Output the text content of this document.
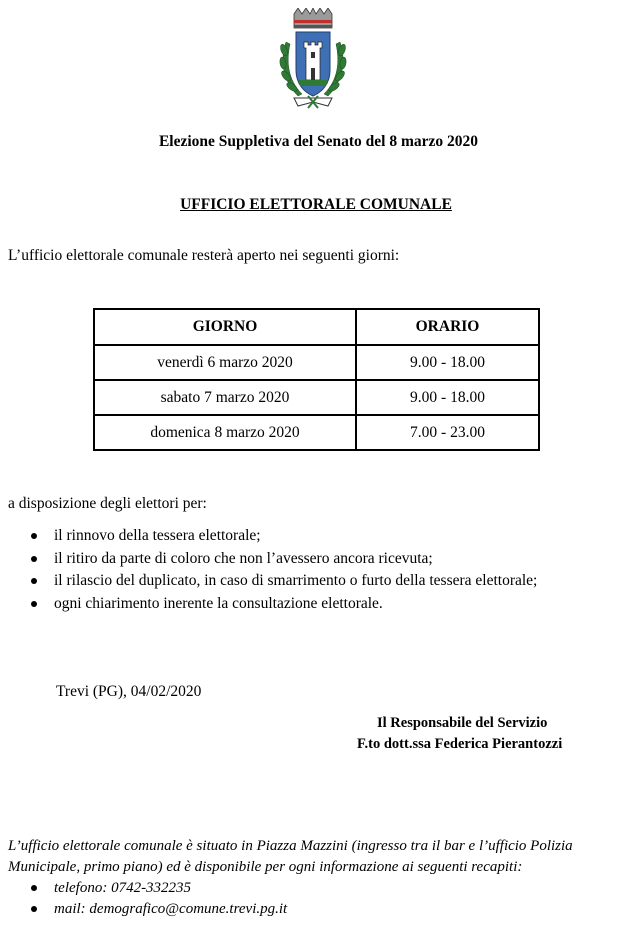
Elezione Suppletiva del Senato del 8 marzo 2020
UFFICIO ELETTORALE COMUNALE
L’ufficio elettorale comunale resterà aperto nei seguenti giorni:
GIORNO	ORARIO
venerdì 6 marzo 2020	9.00 - 18.00
sabato 7 marzo 2020	9.00 - 18.00
domenica 8 marzo 2020	7.00 - 23.00
a disposizione degli elettori per:
il rinnovo della tessera elettorale;
il ritiro da parte di coloro che non l’avessero ancora ricevuta;
il rilascio del duplicato, in caso di smarrimento o furto della tessera elettorale;
ogni chiarimento inerente la consultazione elettorale.
Trevi (PG), 04/02/2020
Il Responsabile del Servizio
F.to dott.ssa Federica Pierantozzi
L’ufficio elettorale comunale è situato in Piazza Mazzini (ingresso tra il bar e l’ufficio Polizia Municipale, primo piano) ed è disponibile per ogni informazione ai seguenti recapiti:
telefono: 0742-332235
mail: demografico@comune.trevi.pg.it
